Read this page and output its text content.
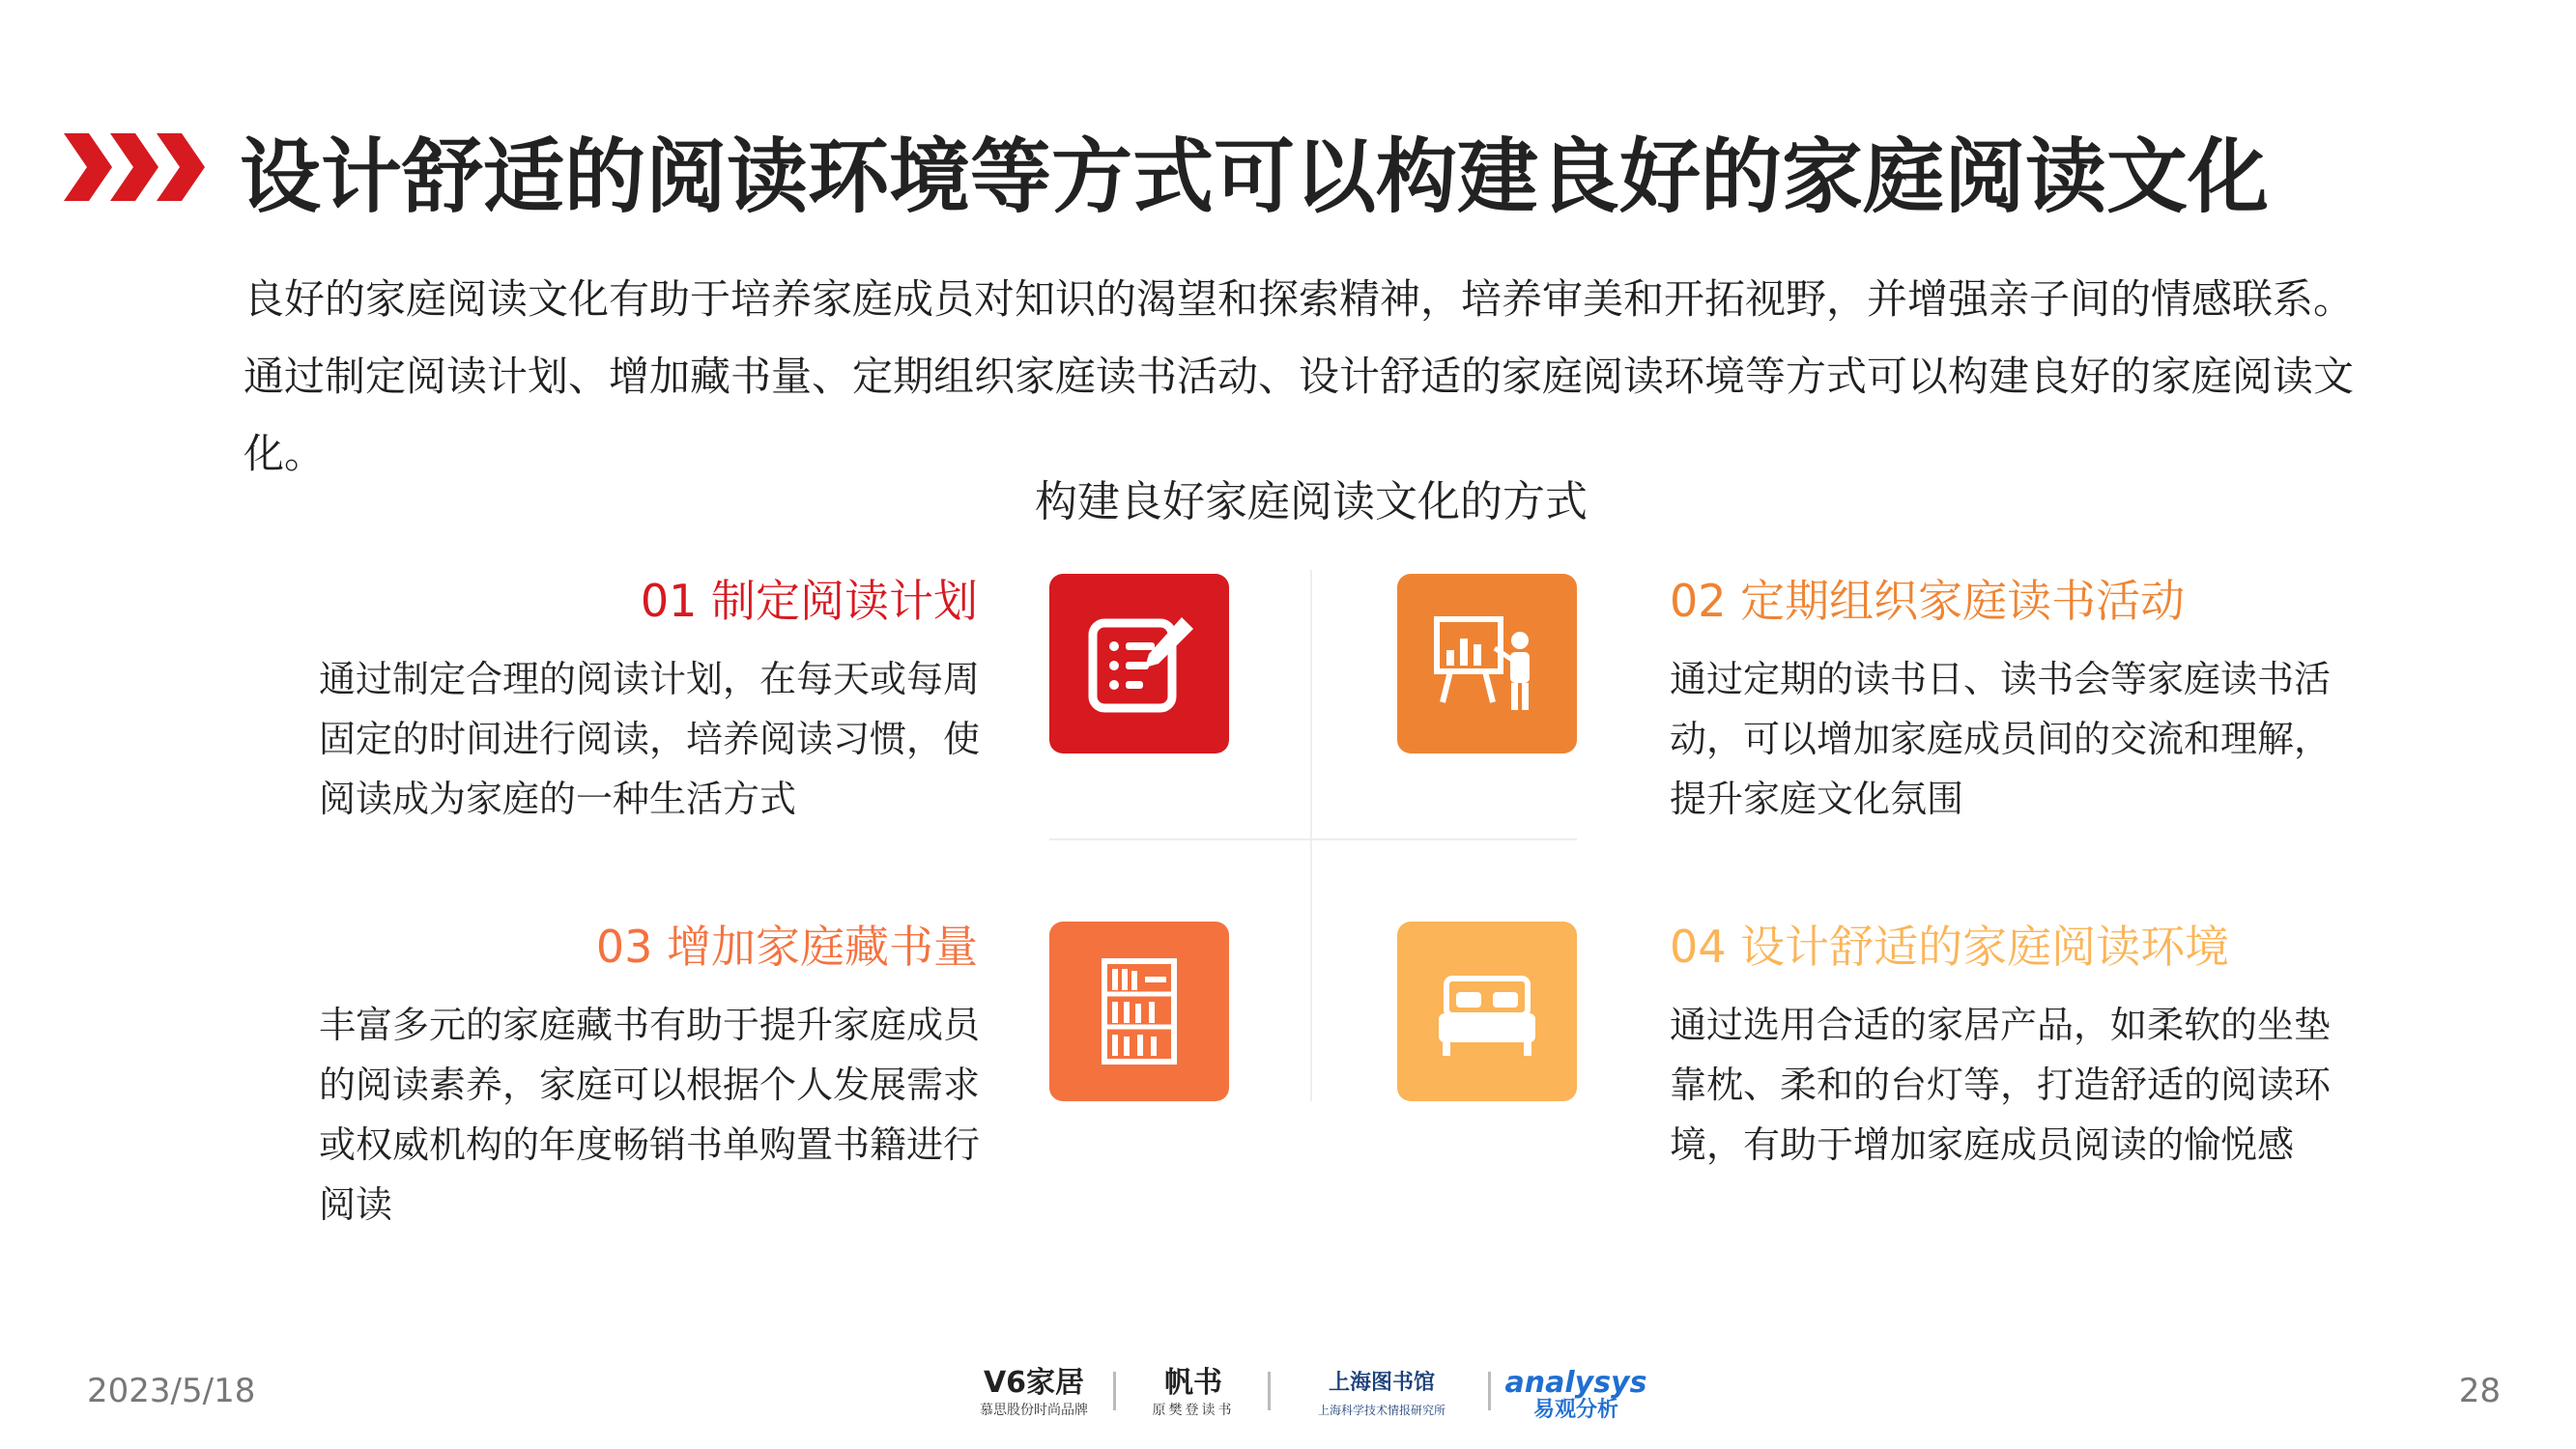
设计舒适的阅读环境等方式可以构建良好的家庭阅读文化
良好的家庭阅读文化有助于培养家庭成员对知识的渴望和探索精神，培养审美和开拓视野，并增强亲子间的情感联系。通过制定阅读计划、增加藏书量、定期组织家庭读书活动、设计舒适的家庭阅读环境等方式可以构建良好的家庭阅读文化。
构建良好家庭阅读文化的方式
01 制定阅读计划
通过制定合理的阅读计划，在每天或每周固定的时间进行阅读，培养阅读习惯，使阅读成为家庭的一种生活方式
02 定期组织家庭读书活动
通过定期的读书日、读书会等家庭读书活动，可以增加家庭成员间的交流和理解，提升家庭文化氛围
03 增加家庭藏书量
丰富多元的家庭藏书有助于提升家庭成员的阅读素养，家庭可以根据个人发展需求或权威机构的年度畅销书单购置书籍进行阅读
04 设计舒适的家庭阅读环境
通过选用合适的家居产品，如柔软的坐垫靠枕、柔和的台灯等，打造舒适的阅读环境，有助于增加家庭成员阅读的愉悦感
2023/5/18	28
V6家居
慕思股份时尚品牌
帆书
原樊登读书
上海图书馆
上海科学技术情报研究所
analysys
易观分析
